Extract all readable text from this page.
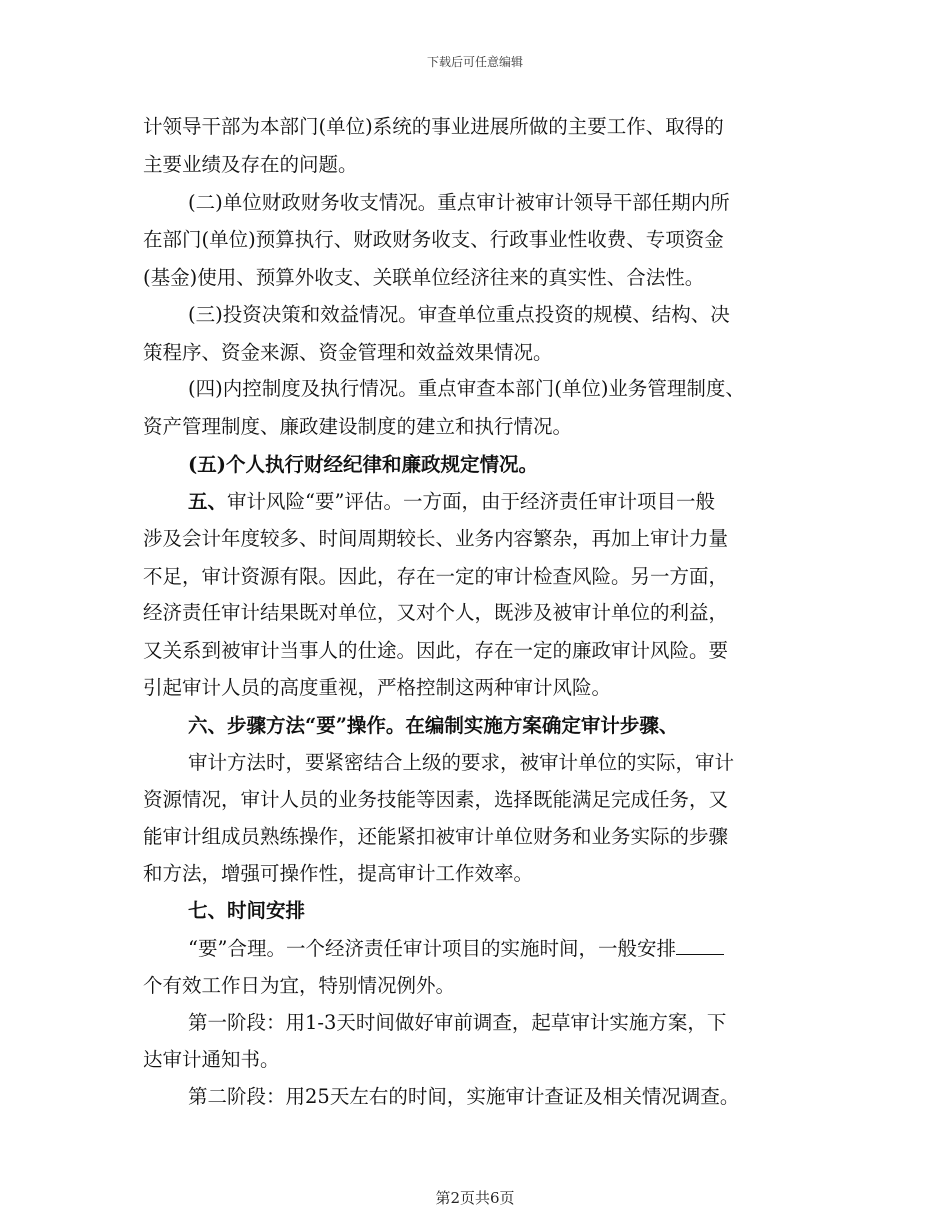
下载后可任意编辑
计领导干部为本部门(单位)系统的事业进展所做的主要工作、取得的
主要业绩及存在的问题。
(二)单位财政财务收支情况。重点审计被审计领导干部任期内所
在部门(单位)预算执行、财政财务收支、行政事业性收费、专项资金
(基金)使用、预算外收支、关联单位经济往来的真实性、合法性。
(三)投资决策和效益情况。审查单位重点投资的规模、结构、决
策程序、资金来源、资金管理和效益效果情况。
(四)内控制度及执行情况。重点审查本部门(单位)业务管理制度、
资产管理制度、廉政建设制度的建立和执行情况。
(五)个人执行财经纪律和廉政规定情况。
五、审计风险“要”评估。一方面，由于经济责任审计项目一般
涉及会计年度较多、时间周期较长、业务内容繁杂，再加上审计力量
不足，审计资源有限。因此，存在一定的审计检查风险。另一方面，
经济责任审计结果既对单位，又对个人，既涉及被审计单位的利益，
又关系到被审计当事人的仕途。因此，存在一定的廉政审计风险。要
引起审计人员的高度重视，严格控制这两种审计风险。
六、步骤方法“要”操作。在编制实施方案确定审计步骤、
审计方法时，要紧密结合上级的要求，被审计单位的实际，审计
资源情况，审计人员的业务技能等因素，选择既能满足完成任务，又
能审计组成员熟练操作，还能紧扣被审计单位财务和业务实际的步骤
和方法，增强可操作性，提高审计工作效率。
七、时间安排
“要”合理。一个经济责任审计项目的实施时间，一般安排
个有效工作日为宜，特别情况例外。
第一阶段：用1-3天时间做好审前调查，起草审计实施方案，下
达审计通知书。
第二阶段：用25天左右的时间，实施审计查证及相关情况调查。
第2页共6页
